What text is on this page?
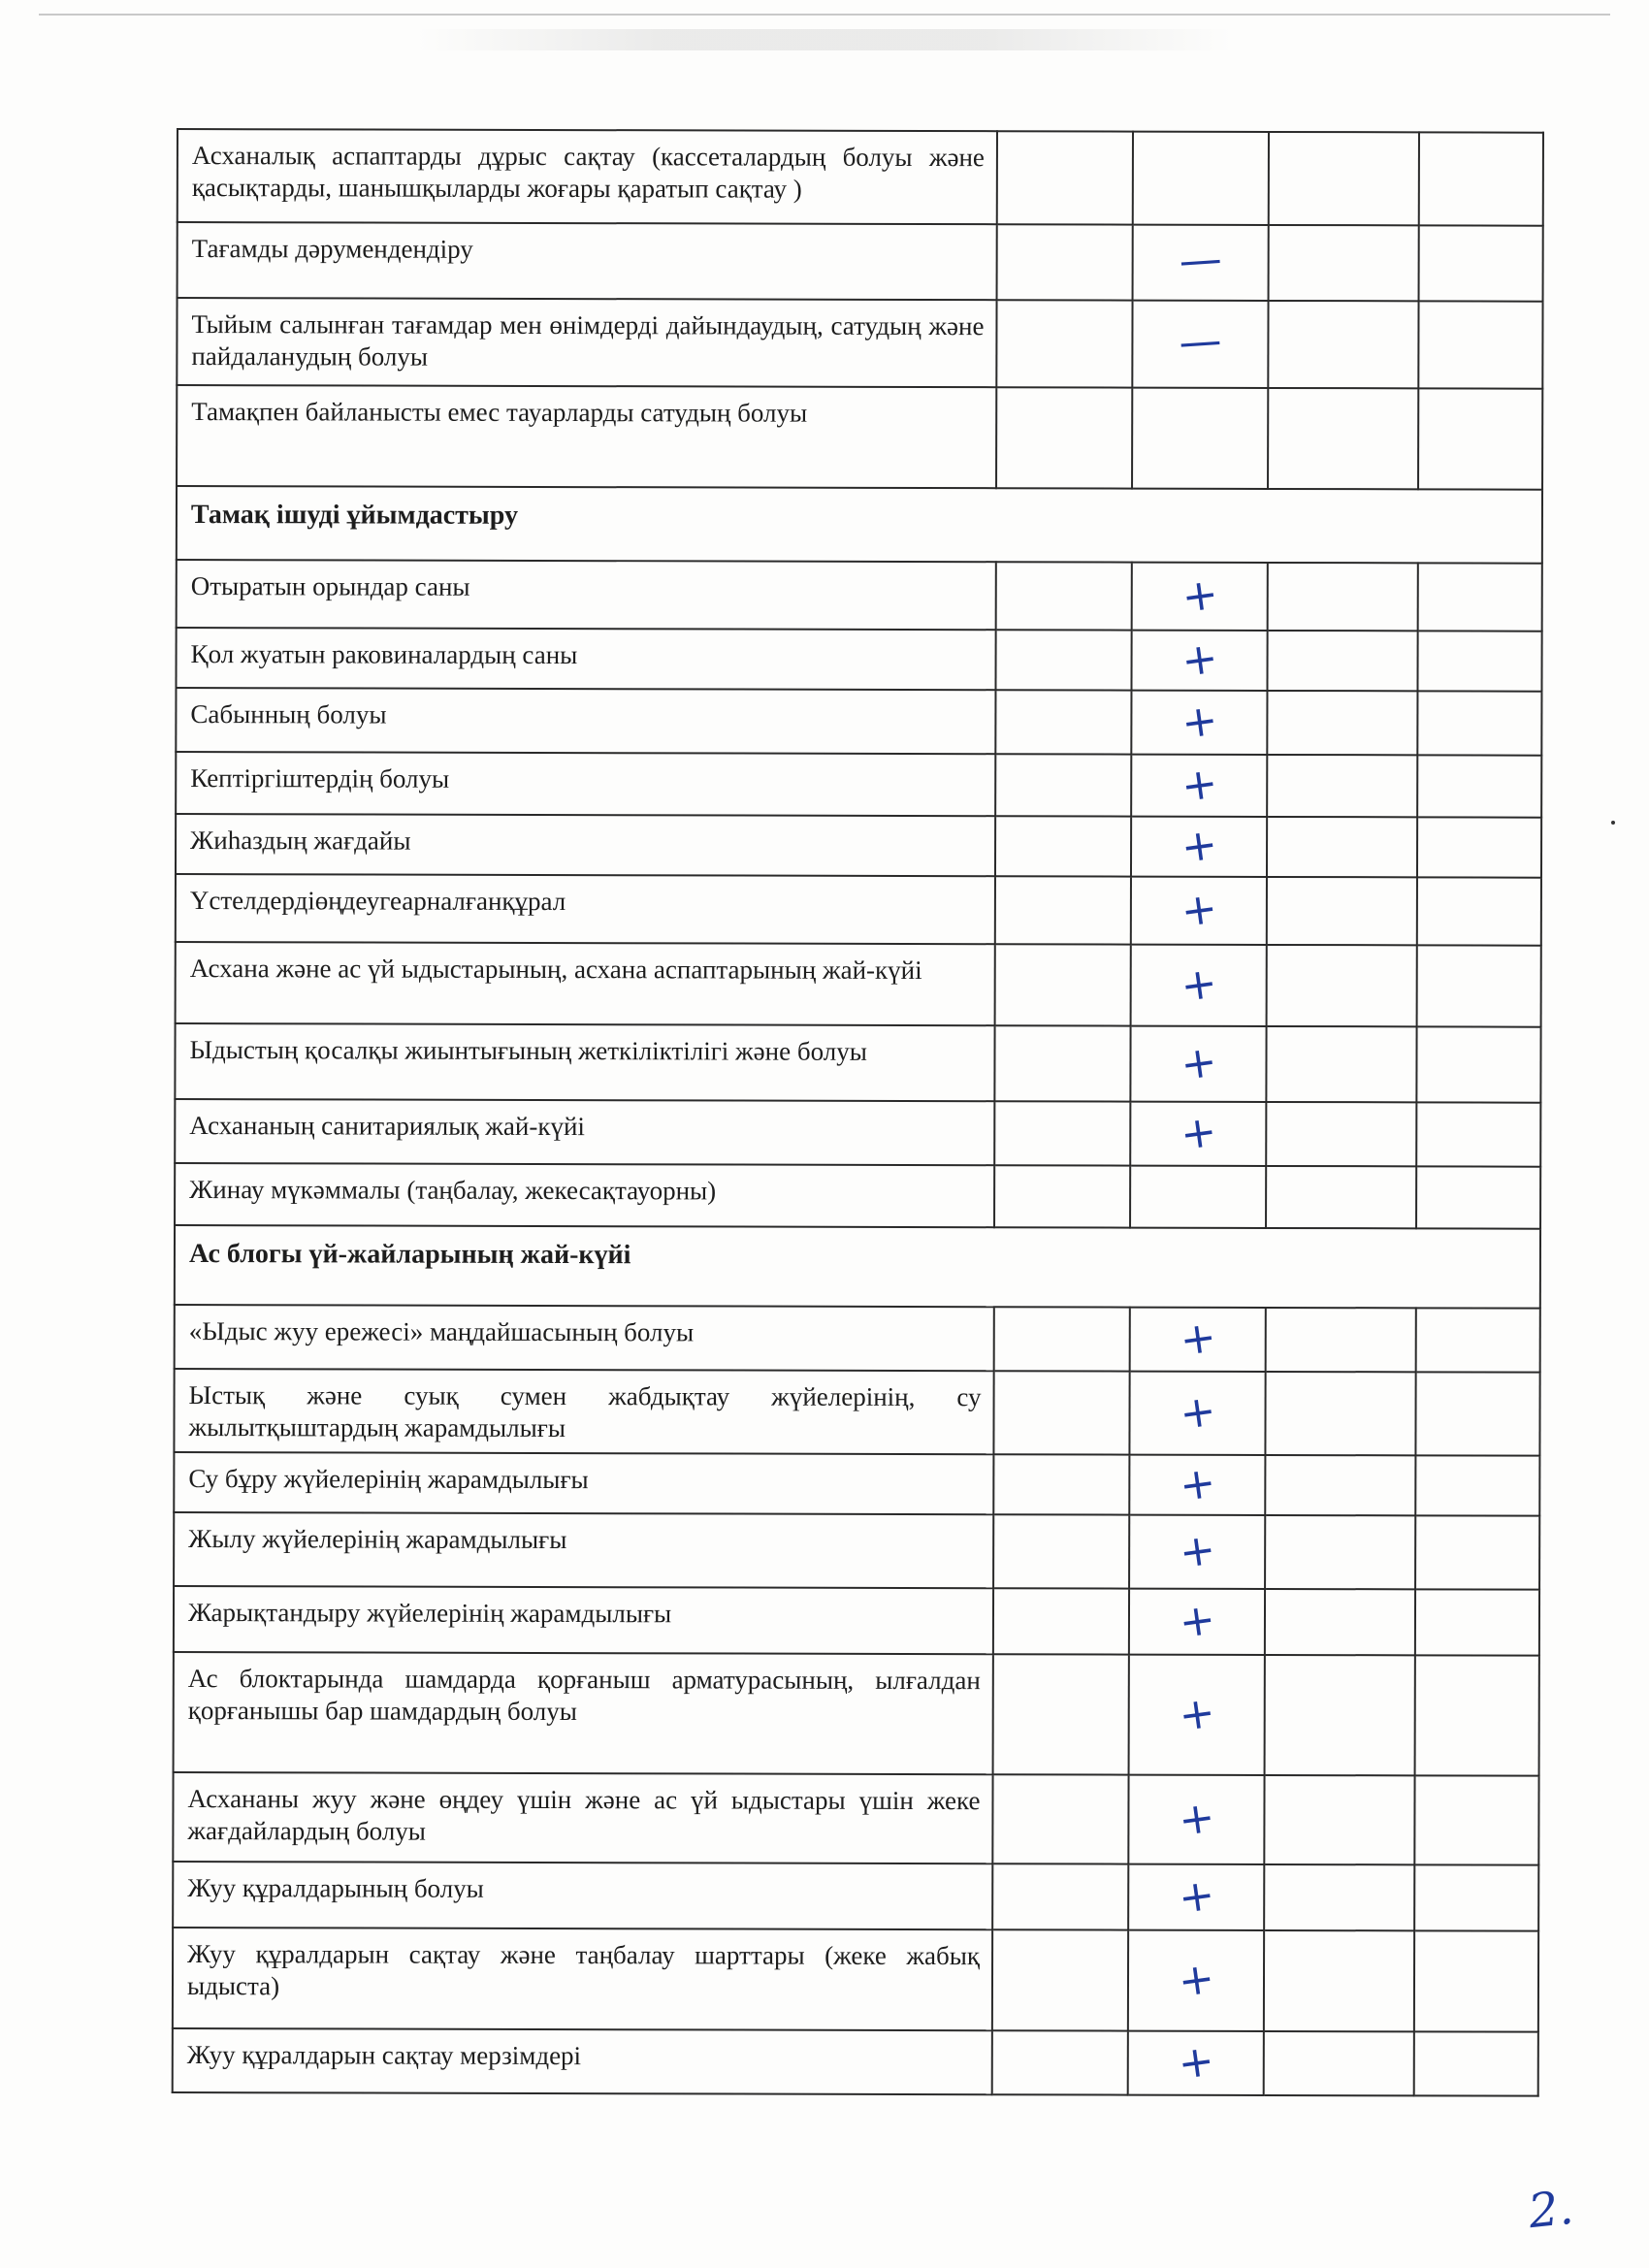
Асханалық аспаптарды дұрыс сақтау (кассеталардың болуы және қасықтарды, шанышқыларды жоғары қаратып сақтау )				
Тағамды дәрумендендіру		—		
Тыйым салынған тағамдар мен өнімдерді дайындаудың, сатудың және пайдаланудың болуы		—		
Тамақпен байланысты емес тауарларды сатудың болуы				
Тамақ ішуді ұйымдастыру				
Отыратын орындар саны		+		
Қол жуатын раковиналардың саны		+		
Сабынның болуы		+		
Кептіргіштердің болуы		+		
Жиһаздың жағдайы		+		
Үстелдердіөңдеугеарналғанқұрал		+		
Асхана және ас үй ыдыстарының, асхана аспаптарының жай-күйі		+		
Ыдыстың қосалқы жиынтығының жеткіліктілігі және болуы		+		
Асхананың санитариялық жай-күйі		+		
Жинау мүкәммалы (таңбалау, жекесақтауорны)				
Ас блогы үй-жайларының жай-күйі				
«Ыдыс жуу ережесі» маңдайшасының болуы		+		
Ыстық және суық сумен жабдықтау жүйелерінің, су жылытқыштардың жарамдылығы		+		
Су бұру жүйелерінің жарамдылығы		+		
Жылу жүйелерінің жарамдылығы		+		
Жарықтандыру жүйелерінің жарамдылығы		+		
Ас блоктарында шамдарда қорғаныш арматурасының, ылғалдан қорғанышы бар шамдардың болуы		+		
Асхананы жуу және өңдеу үшін және ас үй ыдыстары үшін жеке жағдайлардың болуы		+		
Жуу құралдарының болуы		+		
Жуу құралдарын сақтау және таңбалау шарттары (жеке жабық ыдыста)		+		
Жуу құралдарын сақтау мерзімдері		+		
2.
